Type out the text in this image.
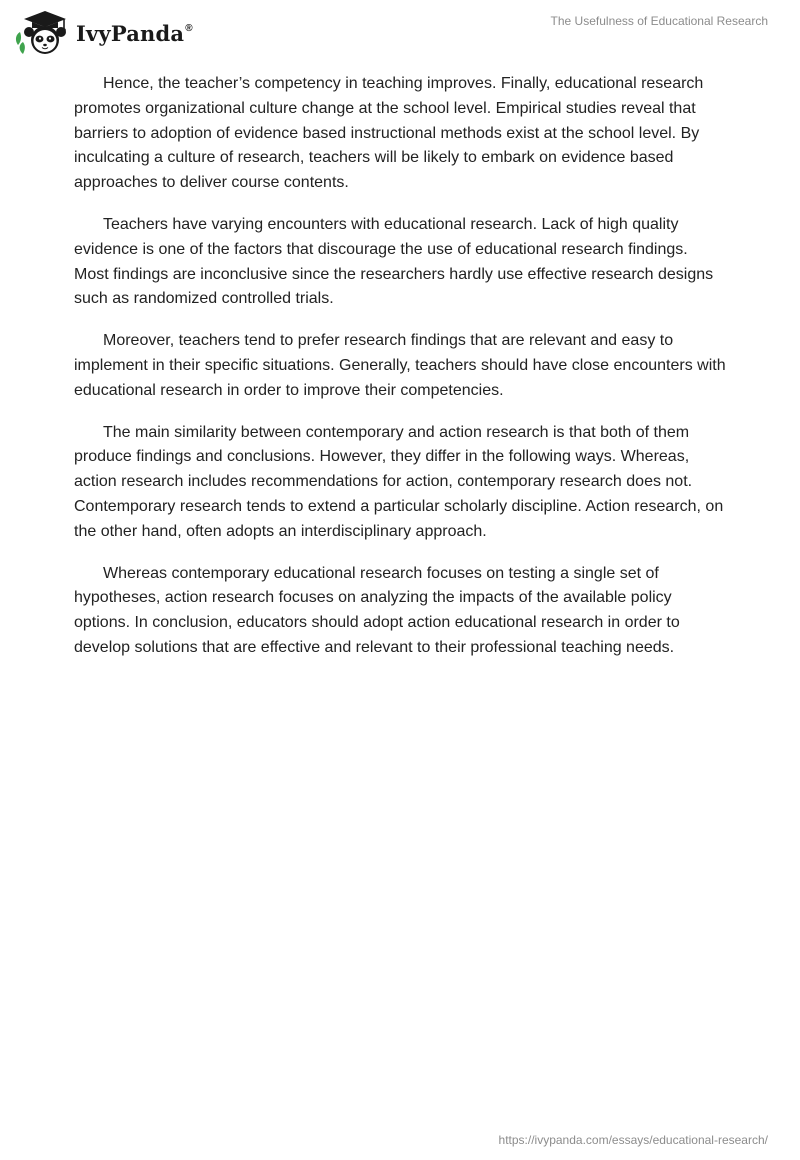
IvyPanda®	The Usefulness of Educational Research

Hence, the teacher’s competency in teaching improves. Finally, educational research promotes organizational culture change at the school level. Empirical studies reveal that barriers to adoption of evidence based instructional methods exist at the school level. By inculcating a culture of research, teachers will be likely to embark on evidence based approaches to deliver course contents.

Teachers have varying encounters with educational research. Lack of high quality evidence is one of the factors that discourage the use of educational research findings. Most findings are inconclusive since the researchers hardly use effective research designs such as randomized controlled trials.

Moreover, teachers tend to prefer research findings that are relevant and easy to implement in their specific situations. Generally, teachers should have close encounters with educational research in order to improve their competencies.

The main similarity between contemporary and action research is that both of them produce findings and conclusions. However, they differ in the following ways. Whereas, action research includes recommendations for action, contemporary research does not. Contemporary research tends to extend a particular scholarly discipline. Action research, on the other hand, often adopts an interdisciplinary approach.

Whereas contemporary educational research focuses on testing a single set of hypotheses, action research focuses on analyzing the impacts of the available policy options. In conclusion, educators should adopt action educational research in order to develop solutions that are effective and relevant to their professional teaching needs.

https://ivypanda.com/essays/educational-research/
